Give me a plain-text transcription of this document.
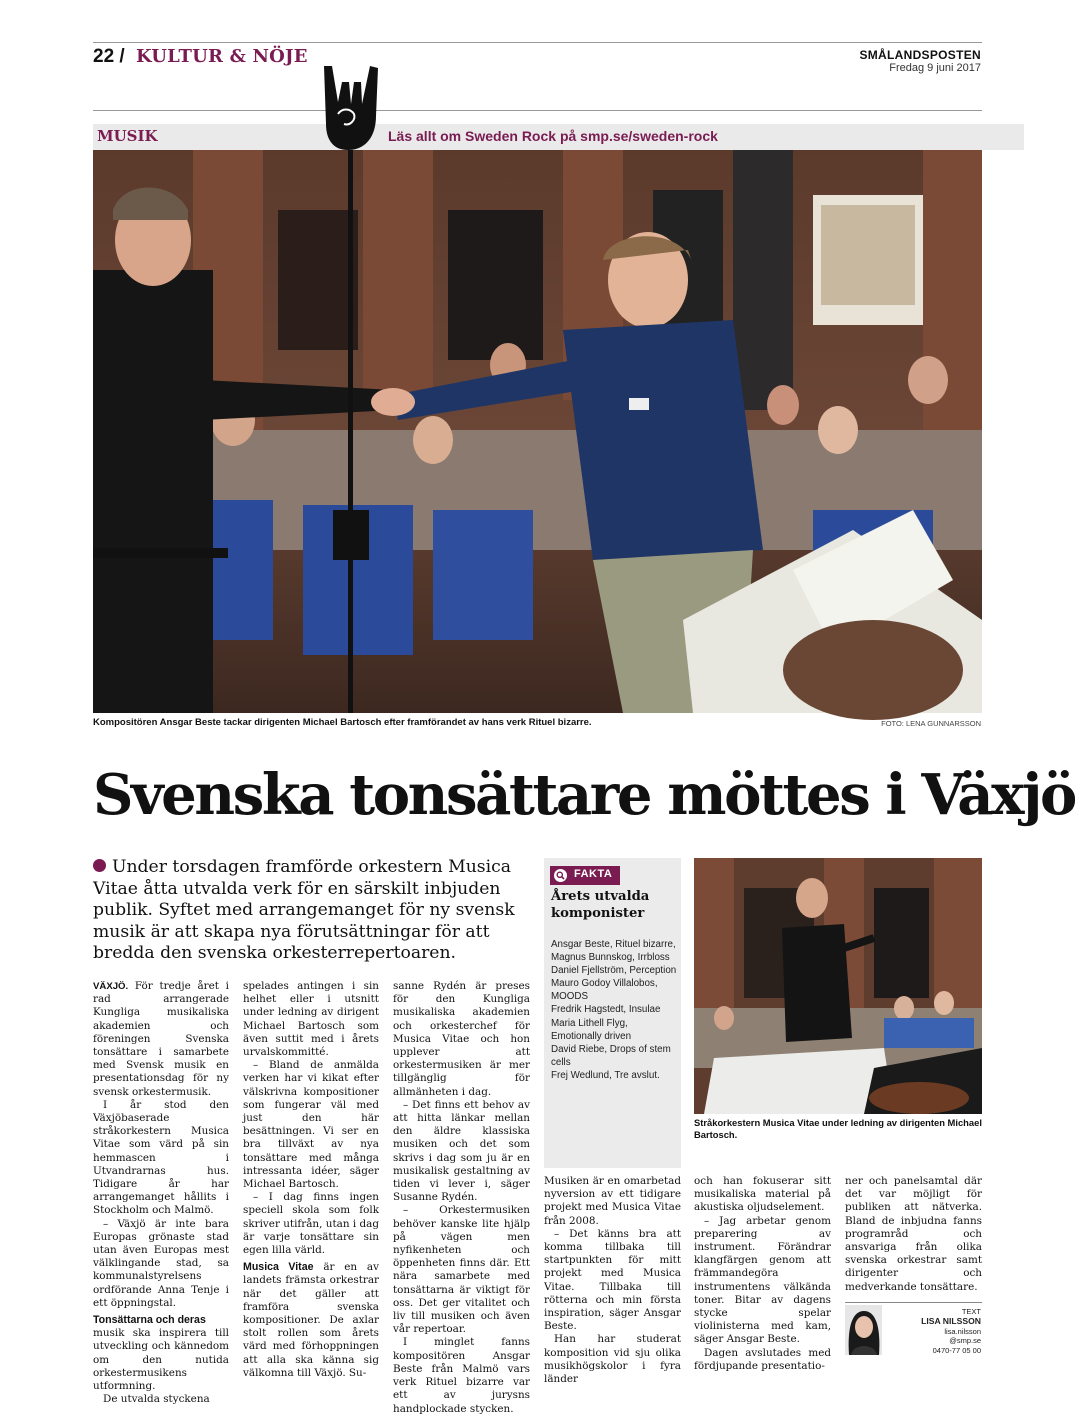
22 / KULTUR & NÖJE	SMÅLANDSPOSTEN
Fredag 9 juni 2017
MUSIK	Läs allt om Sweden Rock på smp.se/sweden-rock
Kompositören Ansgar Beste tackar dirigenten Michael Bartosch efter framförandet av hans verk Rituel bizarre.	FOTO: LENA GUNNARSSON
Svenska tonsättare möttes i Växjö
Under torsdagen framförde orkestern Musica Vitae åtta utvalda verk för en särskilt inbjuden publik. Syftet med arrangemanget för ny svensk musik är att skapa nya förutsättningar för att bredda den svenska orkesterrepertoaren.

VÄXJÖ. För tredje året i rad arrangerade Kungliga musikaliska akademien och föreningen Svenska tonsättare i samarbete med Svensk musik en presentationsdag för ny svensk orkestermusik.

I år stod den Växjöbaserade stråkorkestern Musica Vitae som värd på sin hemmascen i Utvandrarnas hus. Tidigare år har arrangemanget hållits i Stockholm och Malmö.

– Växjö är inte bara Europas grönaste stad utan även Europas mest välklingande stad, sa kommunalstyrelsens ordförande Anna Tenje i ett öppningstal.

Tonsättarna och deras

musik ska inspirera till utveckling och kännedom om den nutida orkestermusikens utformning.

De utvalda styckena

spelades antingen i sin helhet eller i utsnitt under ledning av dirigent Michael Bartosch som även suttit med i årets urvalskommitté.

– Bland de anmälda verken har vi kikat efter välskrivna kompositioner som fungerar väl med just den här besättningen. Vi ser en bra tillväxt av nya tonsättare med många intressanta idéer, säger Michael Bartosch.

– I dag finns ingen speciell skola som folk skriver utifrån, utan i dag är varje tonsättare sin egen lilla värld.

Musica Vitae är en av landets främsta orkestrar när det gäller att framföra svenska kompositioner. De axlar stolt rollen som årets värd med förhoppningen att alla ska känna sig välkomna till Växjö. Su-

sanne Rydén är preses för den Kungliga musikaliska akademien och orkesterchef för Musica Vitae och hon upplever att orkestermusiken är mer tillgänglig för allmänheten i dag.

– Det finns ett behov av att hitta länkar mellan den äldre klassiska musiken och det som skrivs i dag som ju är en musikalisk gestaltning av tiden vi lever i, säger Susanne Rydén.

– Orkestermusiken behöver kanske lite hjälp på vägen men nyfikenheten och öppenheten finns där. Ett nära samarbete med tonsättarna är viktigt för oss. Det ger vitalitet och liv till musiken och även vår repertoar.

I minglet fanns kompositören Ansgar Beste från Malmö vars verk Rituel bizarre var ett av jurysns handplockade stycken.

Musiken är en omarbetad nyversion av ett tidigare projekt med Musica Vitae från 2008.

– Det känns bra att komma tillbaka till startpunkten för mitt projekt med Musica Vitae. Tillbaka till rötterna och min första inspiration, säger Ansgar Beste.

Han har studerat komposition vid sju olika musikhögskolor i fyra länder

och han fokuserar sitt musikaliska material på akustiska oljudselement.

– Jag arbetar genom preparering av instrument. Förändrar klangfärgen genom att främmandegöra instrumentens välkända toner. Bitar av dagens stycke spelar violinisterna med kam, säger Ansgar Beste.

Dagen avslutades med fördjupande presentatio-

ner och panelsamtal där det var möjligt för publiken att nätverka. Bland de inbjudna fanns programråd och ansvariga från olika svenska orkestrar samt dirigenter och medverkande tonsättare.

FAKTA
Årets utvalda komponister
Ansgar Beste, Rituel bizarre,
Magnus Bunnskog, Irrbloss
Daniel Fjellström, Perception
Mauro Godoy Villalobos, MOODS
Fredrik Hagstedt, Insulae
Maria Lithell Flyg, Emotionally driven
David Riebe, Drops of stem cells
Frej Wedlund, Tre avslut.
Stråkorkestern Musica Vitae under ledning av dirigenten Michael Bartosch.
TEXT
LISA NILSSON
lisa.nilsson
@smp.se
0470-77 05 00
